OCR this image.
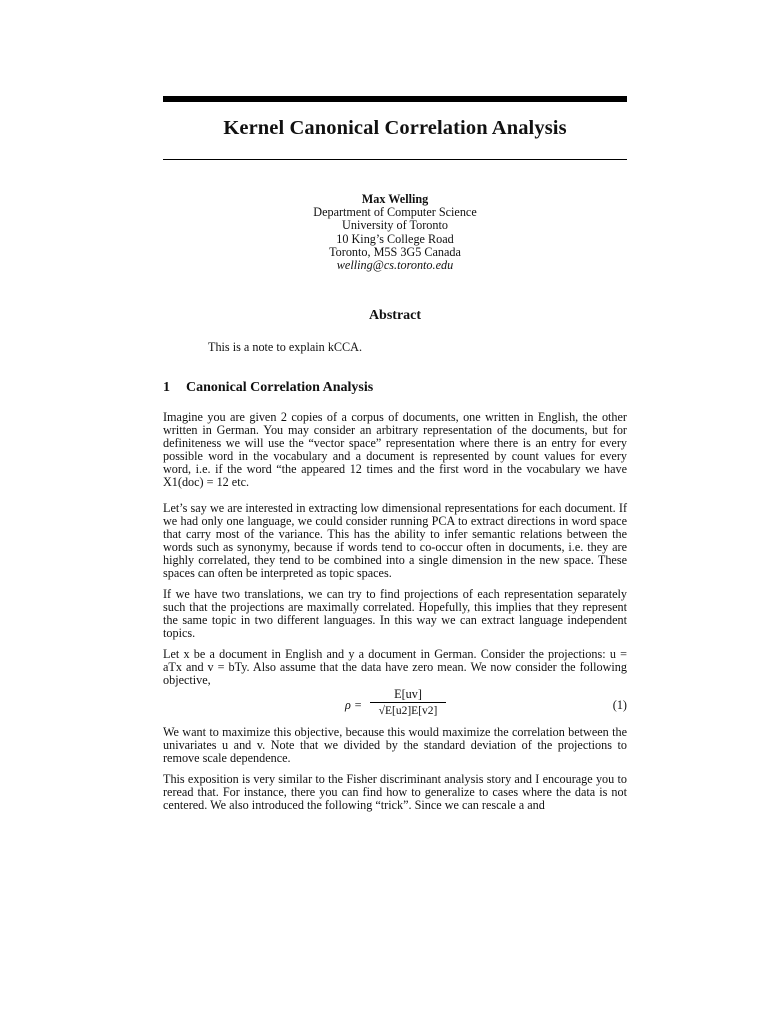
Kernel Canonical Correlation Analysis
Max Welling
Department of Computer Science
University of Toronto
10 King’s College Road
Toronto, M5S 3G5 Canada
welling@cs.toronto.edu
Abstract
This is a note to explain kCCA.
1 Canonical Correlation Analysis
Imagine you are given 2 copies of a corpus of documents, one written in English, the other written in German. You may consider an arbitrary representation of the documents, but for definiteness we will use the “vector space” representation where there is an entry for every possible word in the vocabulary and a document is represented by count values for every word, i.e. if the word “the appeared 12 times and the first word in the vocabulary we have X1(doc) = 12 etc.
Let’s say we are interested in extracting low dimensional representations for each document. If we had only one language, we could consider running PCA to extract directions in word space that carry most of the variance. This has the ability to infer semantic relations between the words such as synonymy, because if words tend to co-occur often in documents, i.e. they are highly correlated, they tend to be combined into a single dimension in the new space. These spaces can often be interpreted as topic spaces.
If we have two translations, we can try to find projections of each representation separately such that the projections are maximally correlated. Hopefully, this implies that they represent the same topic in two different languages. In this way we can extract language independent topics.
Let x be a document in English and y a document in German. Consider the projections: u = aTx and v = bTy. Also assume that the data have zero mean. We now consider the following objective,
ρ =
E[uv]
√E[u2]E[v2]	(1)
We want to maximize this objective, because this would maximize the correlation between the univariates u and v. Note that we divided by the standard deviation of the projections to remove scale dependence.
This exposition is very similar to the Fisher discriminant analysis story and I encourage you to reread that. For instance, there you can find how to generalize to cases where the data is not centered. We also introduced the following “trick”. Since we can rescale a and
